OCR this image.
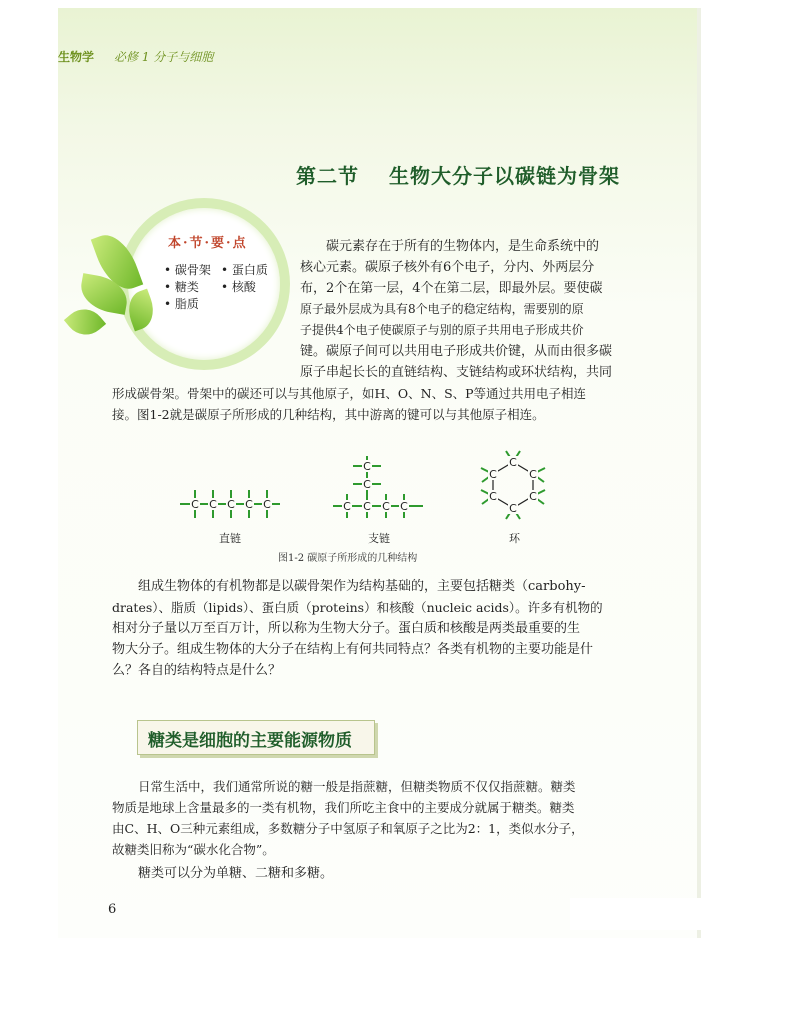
生物学 必修 1 分子与细胞
第二节 生物大分子以碳链为骨架
本·节·要·点
• 碳骨架 • 蛋白质
• 糖类 • 核酸
• 脂质

碳元素存在于所有的生物体内，是生命系统中的
核心元素。碳原子核外有6个电子，分内、外两层分
布，2个在第一层，4个在第二层，即最外层。要使碳
原子最外层成为具有8个电子的稳定结构，需要别的原
子提供4个电子使碳原子与别的原子共用电子形成共价
键。碳原子间可以共用电子形成共价键，从而由很多碳
原子串起长长的直链结构、支链结构或环状结构，共同

形成碳骨架。骨架中的碳还可以与其他原子，如H、O、N、S、P等通过共用电子相连
接。图1-2就是碳原子所形成的几种结构，其中游离的键可以与其他原子相连。

C C C C C	C C C C
C
C
C
C
C
C
C
C
直链	支链	环
图1-2 碳原子所形成的几种结构

组成生物体的有机物都是以碳骨架作为结构基础的，主要包括糖类（carbohy-
drates）、脂质（lipids）、蛋白质（proteins）和核酸（nucleic acids）。许多有机物的
相对分子量以万至百万计，所以称为生物大分子。蛋白质和核酸是两类最重要的生
物大分子。组成生物体的大分子在结构上有何共同特点？各类有机物的主要功能是什
么？各自的结构特点是什么？

糖类是细胞的主要能源物质

日常生活中，我们通常所说的糖一般是指蔗糖，但糖类物质不仅仅指蔗糖。糖类
物质是地球上含量最多的一类有机物，我们所吃主食中的主要成分就属于糖类。糖类
由C、H、O三种元素组成，多数糖分子中氢原子和氧原子之比为2：1，类似水分子，
故糖类旧称为“碳水化合物”。

糖类可以分为单糖、二糖和多糖。

6
